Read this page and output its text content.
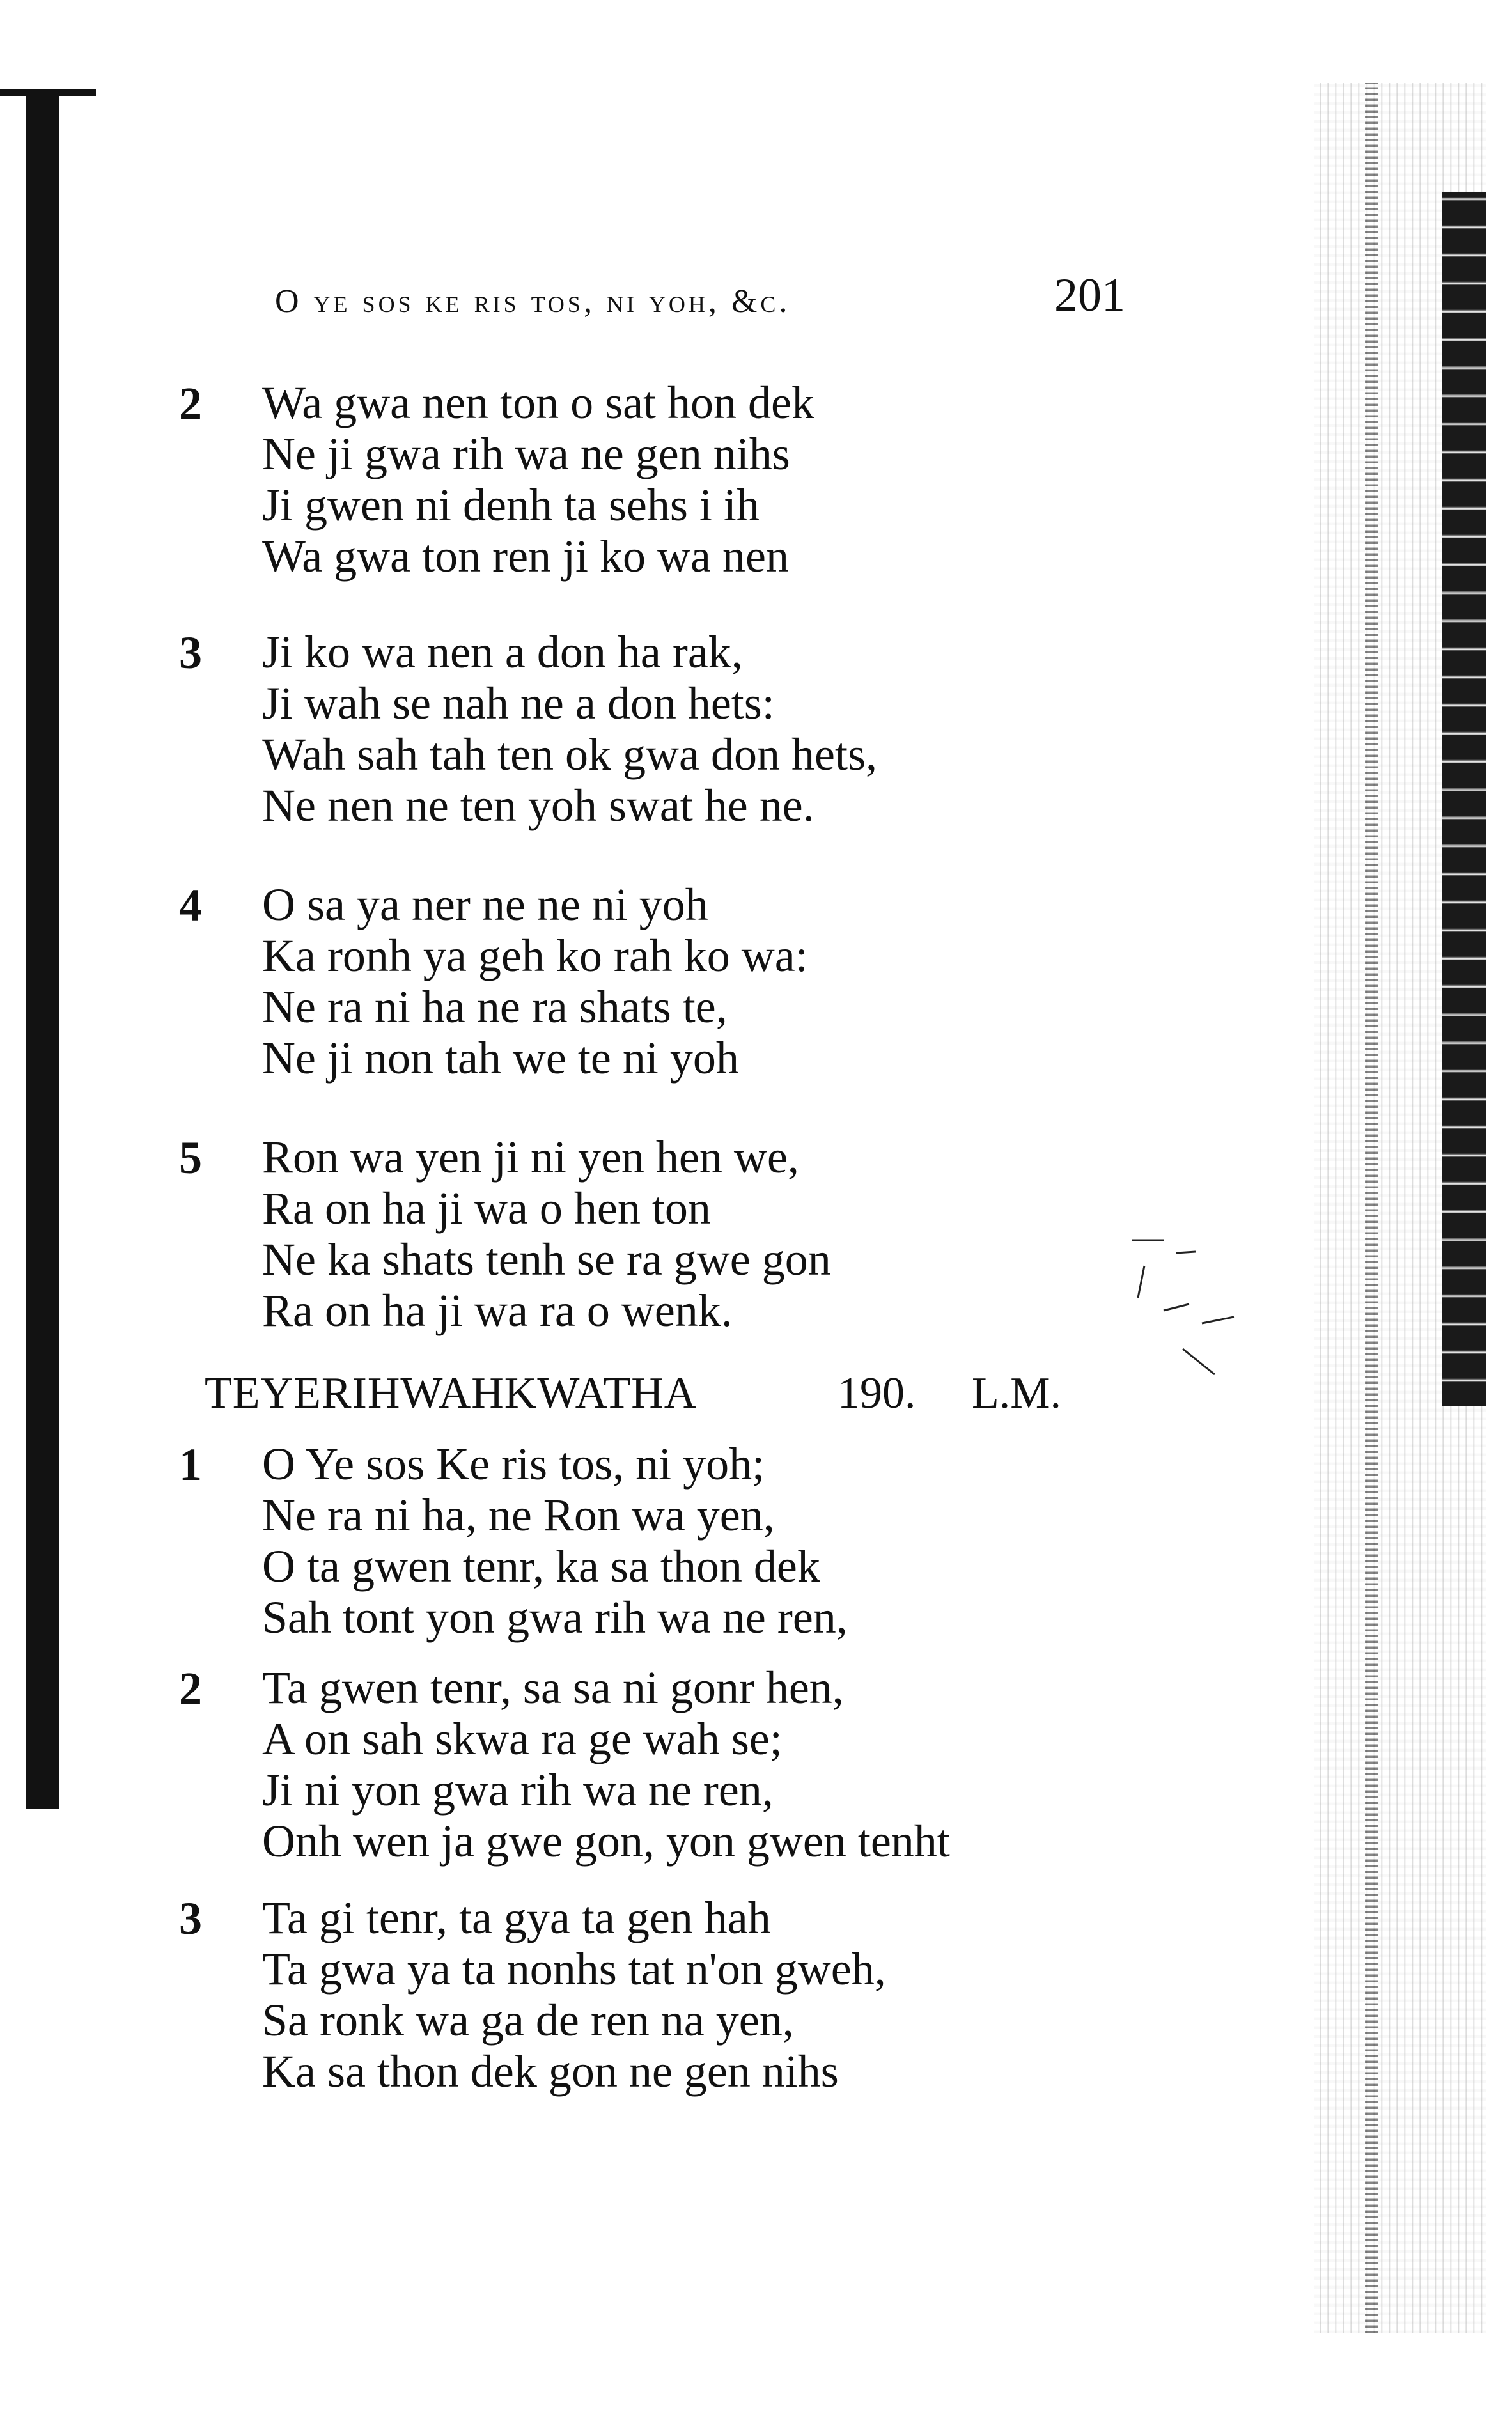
O ye sos ke ris tos, ni yoh, &c.	201
2	Wa gwa nen ton o sat hon dek
Ne ji gwa rih wa ne gen nihs
Ji gwen ni denh ta sehs i ih
Wa gwa ton ren ji ko wa nen
3	Ji ko wa nen a don ha rak,
Ji wah se nah ne a don hets:
Wah sah tah ten ok gwa don hets,
Ne nen ne ten yoh swat he ne.
4	O sa ya ner ne ne ni yoh
Ka ronh ya geh ko rah ko wa:
Ne ra ni ha ne ra shats te,
Ne ji non tah we te ni yoh
5	Ron wa yen ji ni yen hen we,
Ra on ha ji wa o hen ton
Ne ka shats tenh se ra gwe gon
Ra on ha ji wa ra o wenk.
TEYERIHWAHKWATHA	190. L.M.
1	O Ye sos Ke ris tos, ni yoh;
Ne ra ni ha, ne Ron wa yen,
O ta gwen tenr, ka sa thon dek
Sah tont yon gwa rih wa ne ren,
2	Ta gwen tenr, sa sa ni gonr hen,
A on sah skwa ra ge wah se;
Ji ni yon gwa rih wa ne ren,
Onh wen ja gwe gon, yon gwen tenht
3	Ta gi tenr, ta gya ta gen hah
Ta gwa ya ta nonhs tat n'on gweh,
Sa ronk wa ga de ren na yen,
Ka sa thon dek gon ne gen nihs
